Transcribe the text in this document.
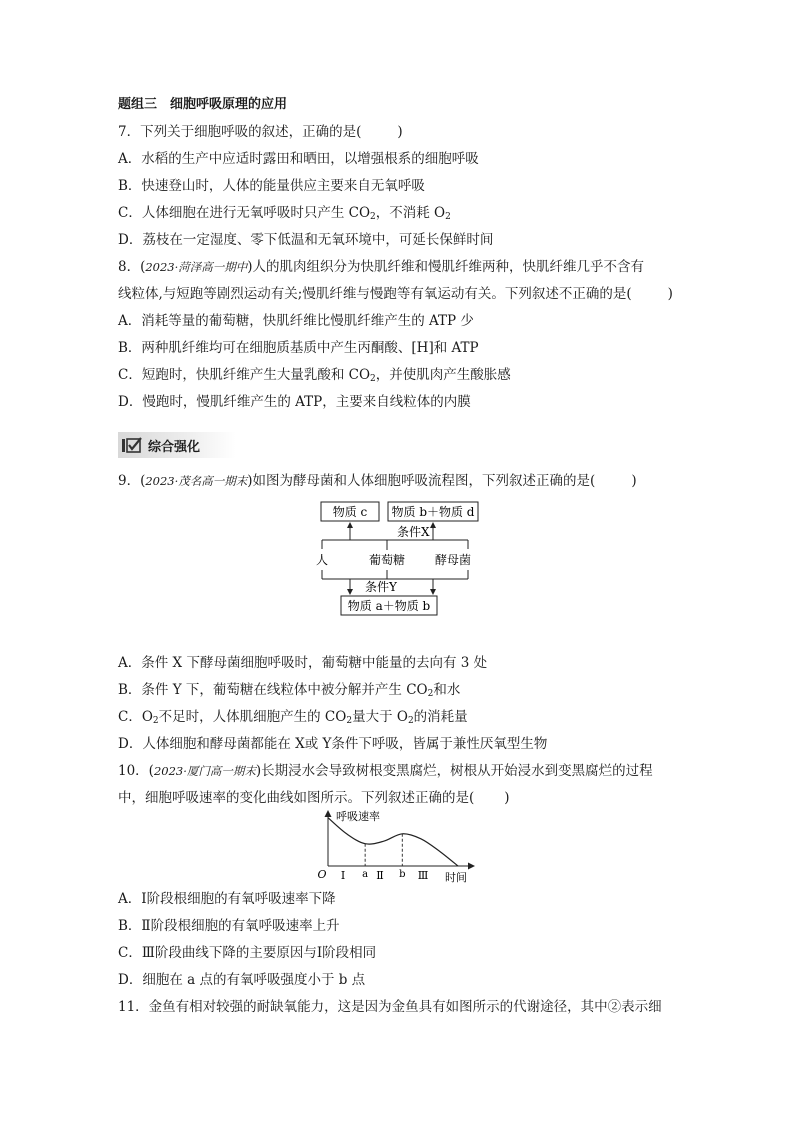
题组三　细胞呼吸原理的应用
7．下列关于细胞呼吸的叙述，正确的是(	)
A．水稻的生产中应适时露田和晒田，以增强根系的细胞呼吸
B．快速登山时，人体的能量供应主要来自无氧呼吸
C．人体细胞在进行无氧呼吸时只产生 $CO_2$，不消耗 $O_2$
D．荔枝在一定湿度、零下低温和无氧环境中，可延长保鲜时间
8．(2023·菏泽高一期中)人的肌肉组织分为快肌纤维和慢肌纤维两种，快肌纤维几乎不含有
线粒体,与短跑等剧烈运动有关;慢肌纤维与慢跑等有氧运动有关。下列叙述不正确的是(	)
A．消耗等量的葡萄糖，快肌纤维比慢肌纤维产生的 ATP 少
B．两种肌纤维均可在细胞质基质中产生丙酮酸、[H]和 ATP
C．短跑时，快肌纤维产生大量乳酸和 $CO_2$，并使肌肉产生酸胀感
D．慢跑时，慢肌纤维产生的 ATP，主要来自线粒体的内膜
综合强化
9．(2023·茂名高一期末)如图为酵母菌和人体细胞呼吸流程图，下列叙述正确的是(	)
物质 c 物质 b＋物质 d
条件X
人	葡萄糖 酵母菌
条件Y
物质 a＋物质 b
A．条件 X 下酵母菌细胞呼吸时，葡萄糖中能量的去向有 3 处
B．条件 Y 下，葡萄糖在线粒体中被分解并产生 $CO_2$和水
C．$O_2$不足时，人体肌细胞产生的 $CO_2$量大于 $O_2$的消耗量
D．人体细胞和酵母菌都能在 X或 Y条件下呼吸，皆属于兼性厌氧型生物
10．(2023·厦门高一期末)长期浸水会导致树根变黑腐烂，树根从开始浸水到变黑腐烂的过程
中，细胞呼吸速率的变化曲线如图所示。下列叙述正确的是( )
呼吸速率
O Ⅰ a Ⅱ b Ⅲ 时间
A．Ⅰ阶段根细胞的有氧呼吸速率下降
B．Ⅱ阶段根细胞的有氧呼吸速率上升
C．Ⅲ阶段曲线下降的主要原因与Ⅰ阶段相同
D．细胞在 a 点的有氧呼吸强度小于 b 点
11．金鱼有相对较强的耐缺氧能力，这是因为金鱼具有如图所示的代谢途径，其中②表示细
